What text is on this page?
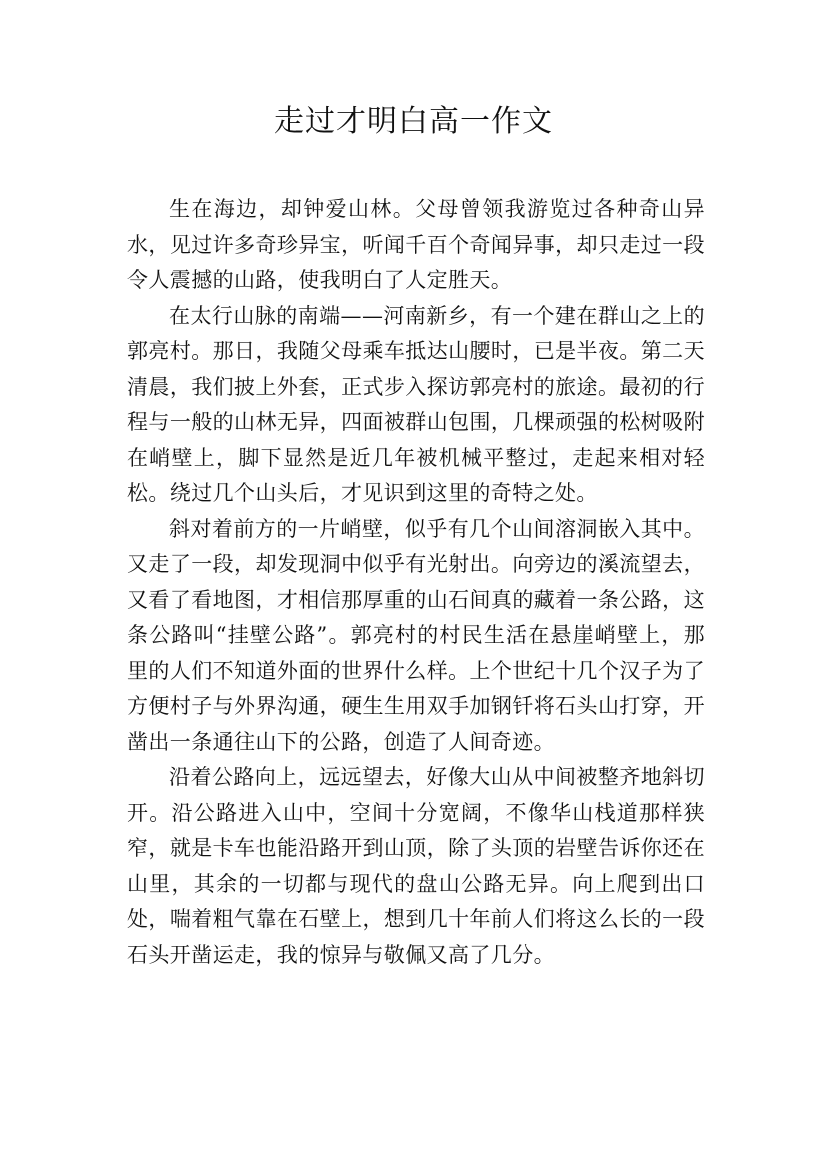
走过才明白高一作文

生在海边，却钟爱山林。父母曾领我游览过各种奇山异水，见过许多奇珍异宝，听闻千百个奇闻异事，却只走过一段令人震撼的山路，使我明白了人定胜天。

在太行山脉的南端——河南新乡，有一个建在群山之上的郭亮村。那日，我随父母乘车抵达山腰时，已是半夜。第二天清晨，我们披上外套，正式步入探访郭亮村的旅途。最初的行程与一般的山林无异，四面被群山包围，几棵顽强的松树吸附在峭壁上，脚下显然是近几年被机械平整过，走起来相对轻松。绕过几个山头后，才见识到这里的奇特之处。

斜对着前方的一片峭壁，似乎有几个山间溶洞嵌入其中。又走了一段，却发现洞中似乎有光射出。向旁边的溪流望去，又看了看地图，才相信那厚重的山石间真的藏着一条公路，这条公路叫“挂壁公路”。郭亮村的村民生活在悬崖峭壁上，那里的人们不知道外面的世界什么样。上个世纪十几个汉子为了方便村子与外界沟通，硬生生用双手加钢钎将石头山打穿，开凿出一条通往山下的公路，创造了人间奇迹。

沿着公路向上，远远望去，好像大山从中间被整齐地斜切开。沿公路进入山中，空间十分宽阔，不像华山栈道那样狭窄，就是卡车也能沿路开到山顶，除了头顶的岩壁告诉你还在山里，其余的一切都与现代的盘山公路无异。向上爬到出口处，喘着粗气靠在石壁上，想到几十年前人们将这么长的一段石头开凿运走，我的惊异与敬佩又高了几分。
